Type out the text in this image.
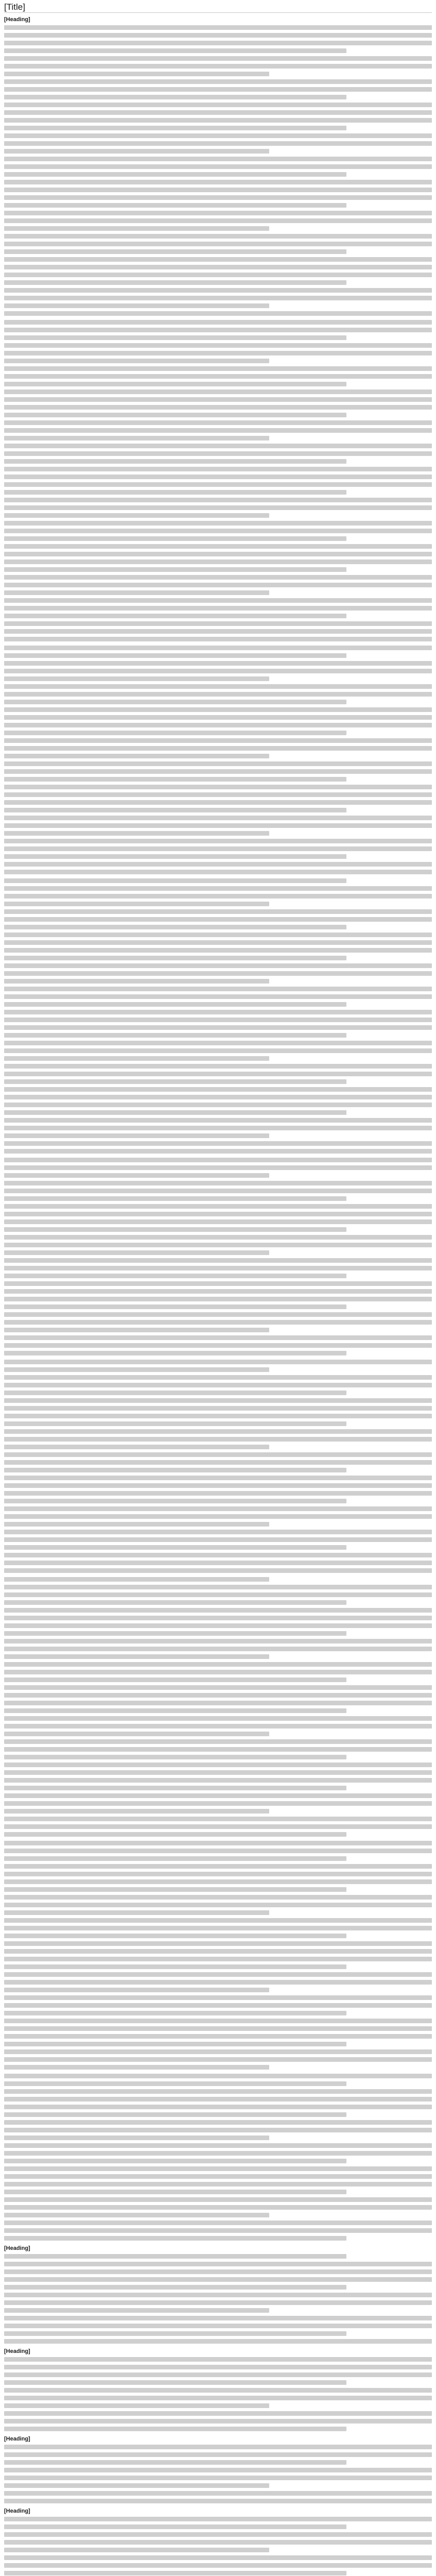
[Title]
[Heading]
[Heading]
[Heading]
[Heading]
[Heading]
